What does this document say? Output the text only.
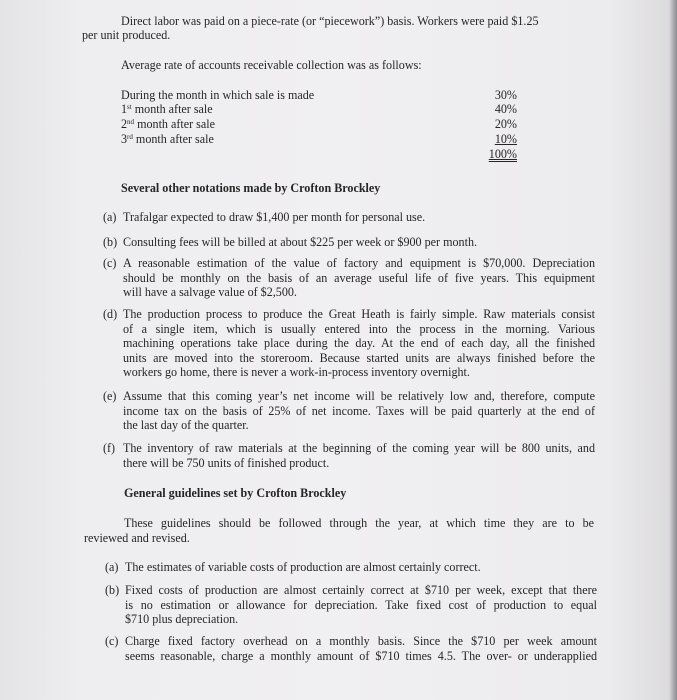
Direct labor was paid on a piece-rate (or “piecework”) basis. Workers were paid $1.25
per unit produced.
Average rate of accounts receivable collection was as follows:
During the month in which sale is made
1st month after sale
2nd month after sale
3rd month after sale
30%
40%
20%
10%
100%
Several other notations made by Crofton Brockley
(a) Trafalgar expected to draw $1,400 per month for personal use.
(b) Consulting fees will be billed at about $225 per week or $900 per month.
(c) A reasonable estimation of the value of factory and equipment is $70,000. Depreciation
should be monthly on the basis of an average useful life of five years. This equipment
will have a salvage value of $2,500.
(d) The production process to produce the Great Heath is fairly simple. Raw materials consist
of a single item, which is usually entered into the process in the morning. Various
machining operations take place during the day. At the end of each day, all the finished
units are moved into the storeroom. Because started units are always finished before the
workers go home, there is never a work-in-process inventory overnight.
(e) Assume that this coming year’s net income will be relatively low and, therefore, compute
income tax on the basis of 25% of net income. Taxes will be paid quarterly at the end of
the last day of the quarter.
(f) The inventory of raw materials at the beginning of the coming year will be 800 units, and
there will be 750 units of finished product.
General guidelines set by Crofton Brockley
These guidelines should be followed through the year, at which time they are to be
reviewed and revised.
(a) The estimates of variable costs of production are almost certainly correct.
(b) Fixed costs of production are almost certainly correct at $710 per week, except that there
is no estimation or allowance for depreciation. Take fixed cost of production to equal
$710 plus depreciation.
(c) Charge fixed factory overhead on a monthly basis. Since the $710 per week amount
seems reasonable, charge a monthly amount of $710 times 4.5. The over- or underapplied
